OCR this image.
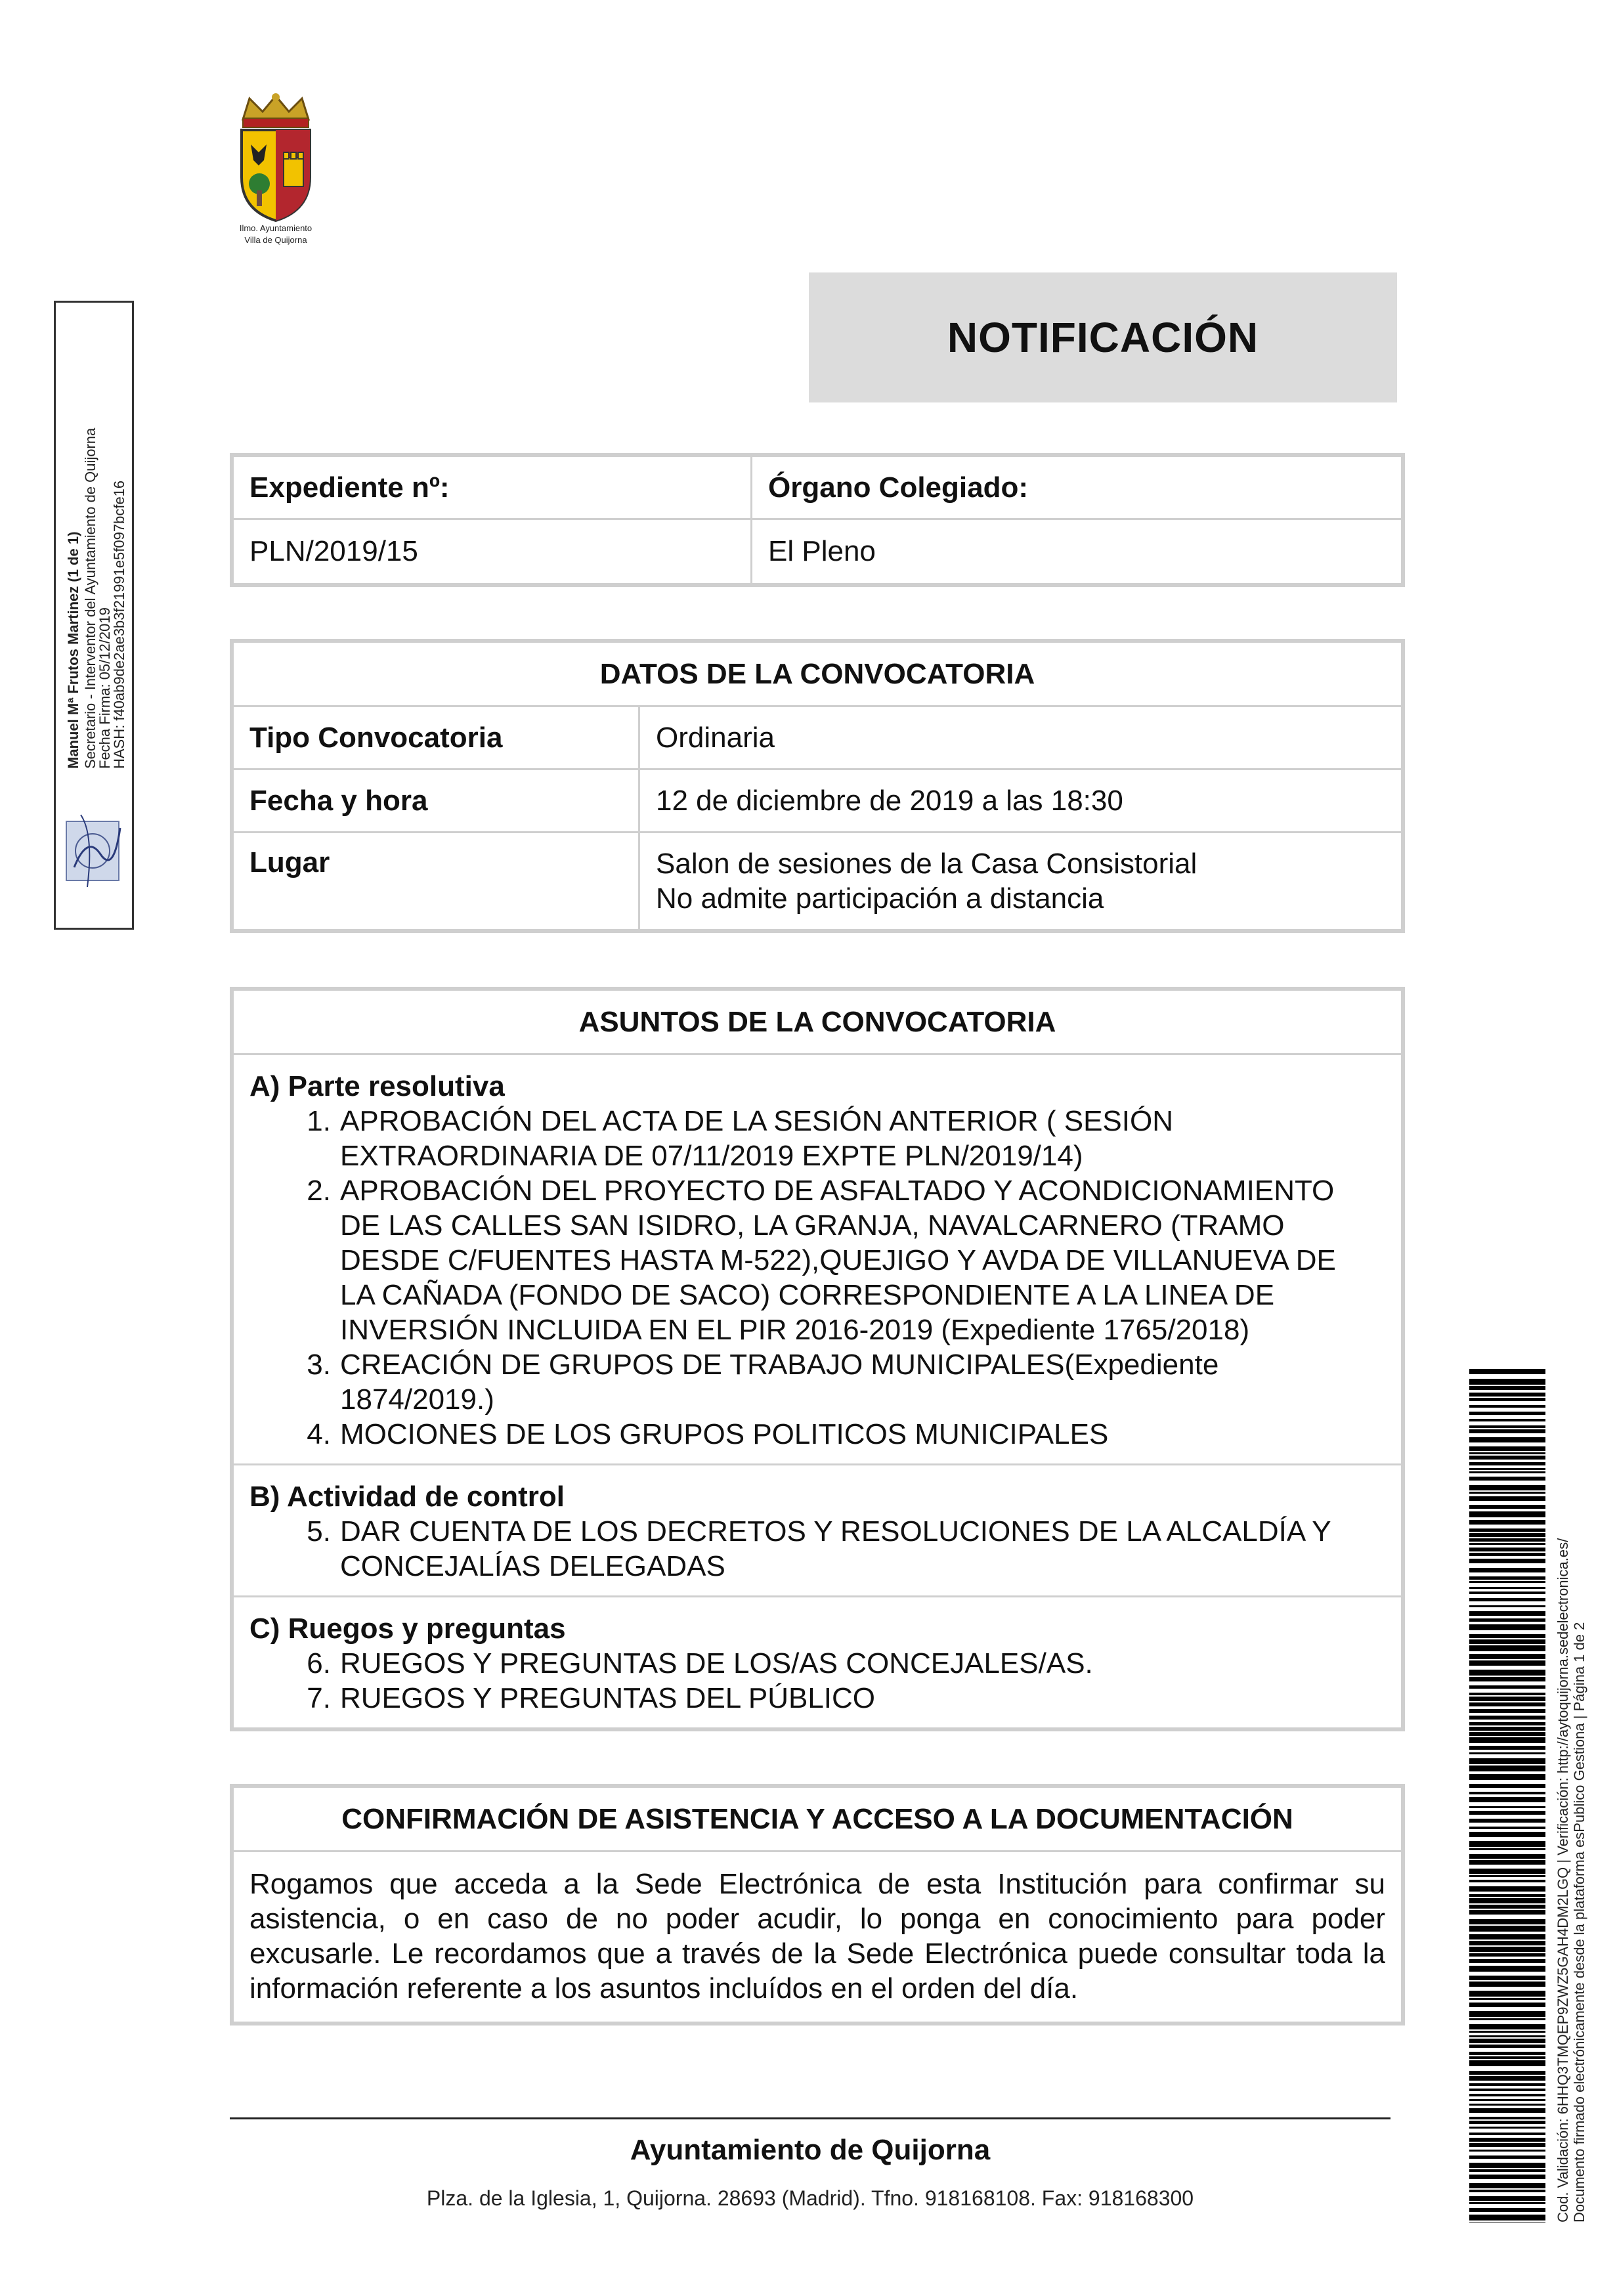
Ilmo. Ayuntamiento
Villa de Quijorna
NOTIFICACIÓN
Expediente nº:	Órgano Colegiado:
PLN/2019/15	El Pleno
DATOS DE LA CONVOCATORIA
Tipo Convocatoria	Ordinaria
Fecha y hora	12 de diciembre de 2019 a las 18:30
Lugar	Salon de sesiones de la Casa Consistorial
No admite participación a distancia
ASUNTOS DE LA CONVOCATORIA
A) Parte resolutiva
1. APROBACIÓN DEL ACTA DE LA SESIÓN ANTERIOR ( SESIÓN
EXTRAORDINARIA DE 07/11/2019 EXPTE PLN/2019/14)
2. APROBACIÓN DEL PROYECTO DE ASFALTADO Y ACONDICIONAMIENTO
DE LAS CALLES SAN ISIDRO, LA GRANJA, NAVALCARNERO (TRAMO
DESDE C/FUENTES HASTA M-522),QUEJIGO Y AVDA DE VILLANUEVA DE
LA CAÑADA (FONDO DE SACO) CORRESPONDIENTE A LA LINEA DE
INVERSIÓN INCLUIDA EN EL PIR 2016-2019 (Expediente 1765/2018)
3. CREACIÓN DE GRUPOS DE TRABAJO MUNICIPALES(Expediente
1874/2019.)
4. MOCIONES DE LOS GRUPOS POLITICOS MUNICIPALES
B) Actividad de control
5. DAR CUENTA DE LOS DECRETOS Y RESOLUCIONES DE LA ALCALDÍA Y
CONCEJALÍAS DELEGADAS
C) Ruegos y preguntas
6. RUEGOS Y PREGUNTAS DE LOS/AS CONCEJALES/AS.
7. RUEGOS Y PREGUNTAS DEL PÚBLICO
CONFIRMACIÓN DE ASISTENCIA Y ACCESO A LA DOCUMENTACIÓN
Rogamos que acceda a la Sede Electrónica de esta Institución para confirmar su asistencia, o en caso de no poder acudir, lo ponga en conocimiento para poder excusarle. Le recordamos que a través de la Sede Electrónica puede consultar toda la información referente a los asuntos incluídos en el orden del día.
Ayuntamiento de Quijorna
Plza. de la Iglesia, 1, Quijorna. 28693 (Madrid). Tfno. 918168108. Fax: 918168300
Manuel Mª Frutos Martinez (1 de 1) Secretario - Interventor del Ayuntamiento de Quijorna
Fecha Firma: 05/12/2019
HASH: f40ab9de2ae3b3f21991e5f097bcfe16
Cod. Validación: 6HHQ3TMQEP9ZWZ5GAH4DM2LGQ | Verificación: http://aytoquijorna.sedelectronica.es/ Documento firmado electrónicamente desde la plataforma esPublico Gestiona | Página 1 de 2
